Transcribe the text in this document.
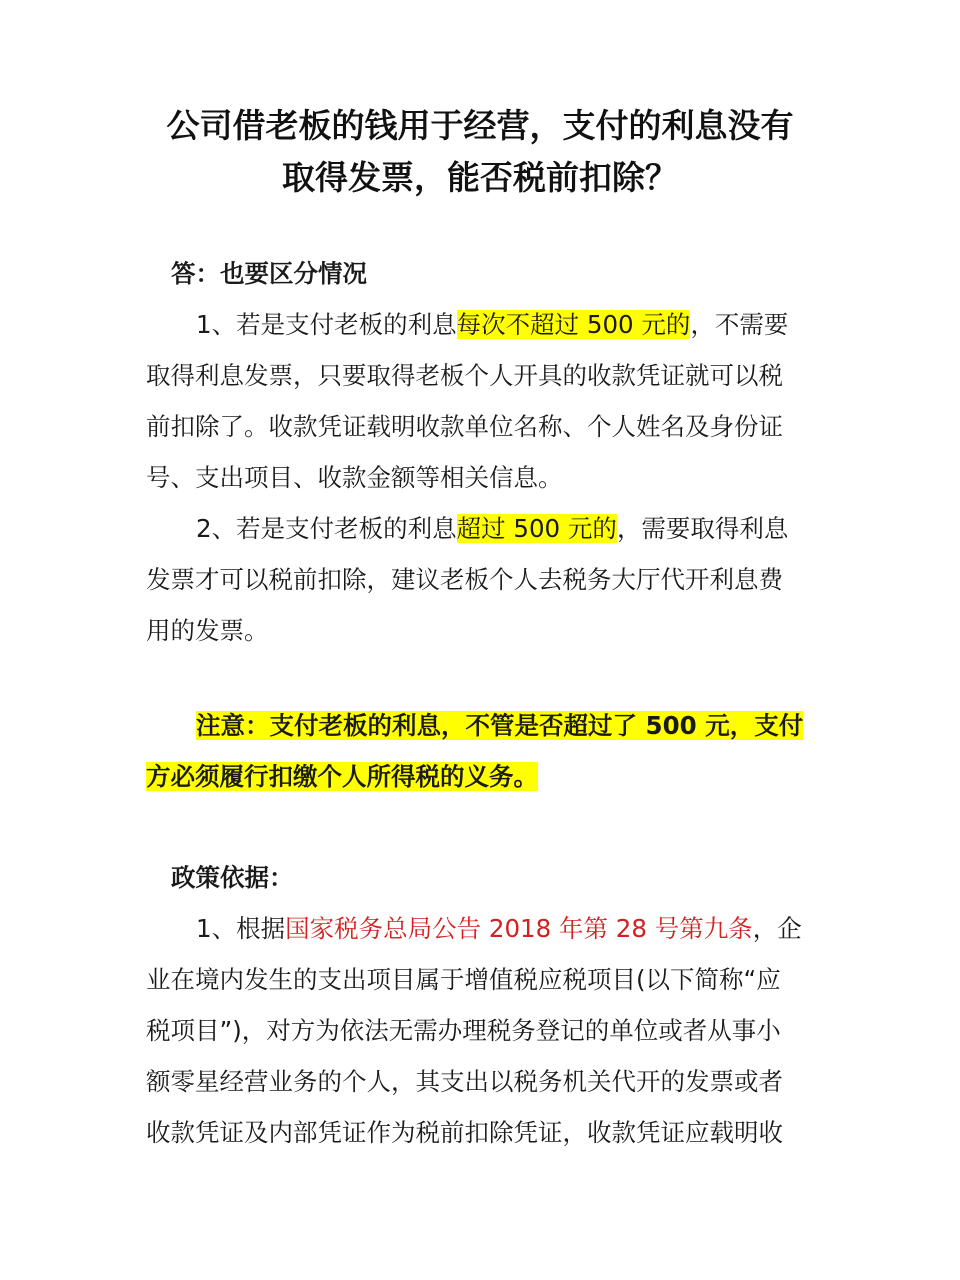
公司借老板的钱用于经营，支付的利息没有
取得发票，能否税前扣除？
答：也要区分情况
1、若是支付老板的利息每次不超过 500 元的，不需要
取得利息发票，只要取得老板个人开具的收款凭证就可以税
前扣除了。收款凭证载明收款单位名称、个人姓名及身份证
号、支出项目、收款金额等相关信息。
2、若是支付老板的利息超过 500 元的，需要取得利息
发票才可以税前扣除，建议老板个人去税务大厅代开利息费
用的发票。
注意：支付老板的利息，不管是否超过了 500 元，支付
方必须履行扣缴个人所得税的义务。
政策依据：
1、根据国家税务总局公告 2018 年第 28 号第九条，企
业在境内发生的支出项目属于增值税应税项目(以下简称“应
税项目”)，对方为依法无需办理税务登记的单位或者从事小
额零星经营业务的个人，其支出以税务机关代开的发票或者
收款凭证及内部凭证作为税前扣除凭证，收款凭证应载明收
